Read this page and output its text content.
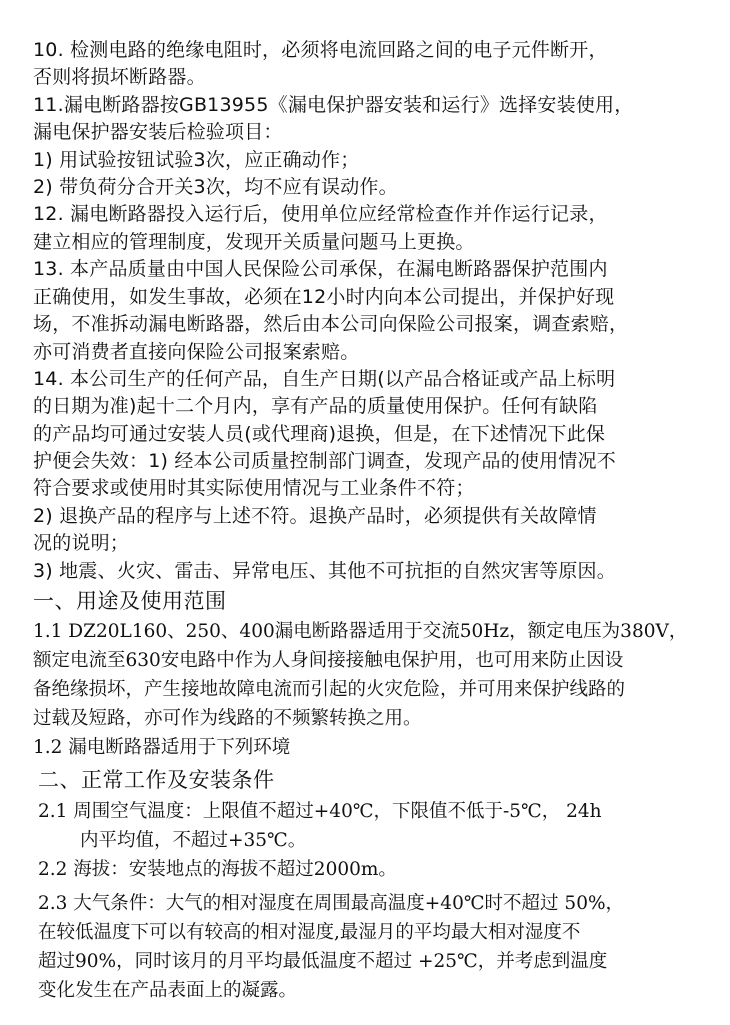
10. 检测电路的绝缘电阻时，必须将电流回路之间的电子元件断开，
否则将损坏断路器。
11.漏电断路器按GB13955《漏电保护器安装和运行》选择安装使用，
漏电保护器安装后检验项目：
1) 用试验按钮试验3次，应正确动作；
2) 带负荷分合开关3次，均不应有误动作。
12. 漏电断路器投入运行后，使用单位应经常检查作并作运行记录，
建立相应的管理制度，发现开关质量问题马上更换。
13. 本产品质量由中国人民保险公司承保，在漏电断路器保护范围内
正确使用，如发生事故，必须在12小时内向本公司提出，并保护好现
场，不准拆动漏电断路器，然后由本公司向保险公司报案，调查索赔，
亦可消费者直接向保险公司报案索赔。
14. 本公司生产的任何产品，自生产日期(以产品合格证或产品上标明
的日期为准)起十二个月内，享有产品的质量使用保护。任何有缺陷
的产品均可通过安装人员(或代理商)退换，但是，在下述情况下此保
护便会失效：1) 经本公司质量控制部门调查，发现产品的使用情况不
符合要求或使用时其实际使用情况与工业条件不符；
2) 退换产品的程序与上述不符。退换产品时，必须提供有关故障情
况的说明；
3) 地震、火灾、雷击、异常电压、其他不可抗拒的自然灾害等原因。
一、用途及使用范围
1.1 DZ20L160、250、400漏电断路器适用于交流50Hz，额定电压为380V，
额定电流至630安电路中作为人身间接接触电保护用，也可用来防止因设
备绝缘损坏，产生接地故障电流而引起的火灾危险，并可用来保护线路的
过载及短路，亦可作为线路的不频繁转换之用。
1.2 漏电断路器适用于下列环境
二、正常工作及安装条件
2.1 周围空气温度：上限值不超过+40℃，下限值不低于-5℃， 24h
内平均值，不超过+35℃。
2.2 海拔：安装地点的海拔不超过2000m。
2.3 大气条件：大气的相对湿度在周围最高温度+40℃时不超过 50%，
在较低温度下可以有较高的相对湿度,最湿月的平均最大相对湿度不
超过90%，同时该月的月平均最低温度不超过 +25℃，并考虑到温度
变化发生在产品表面上的凝露。
